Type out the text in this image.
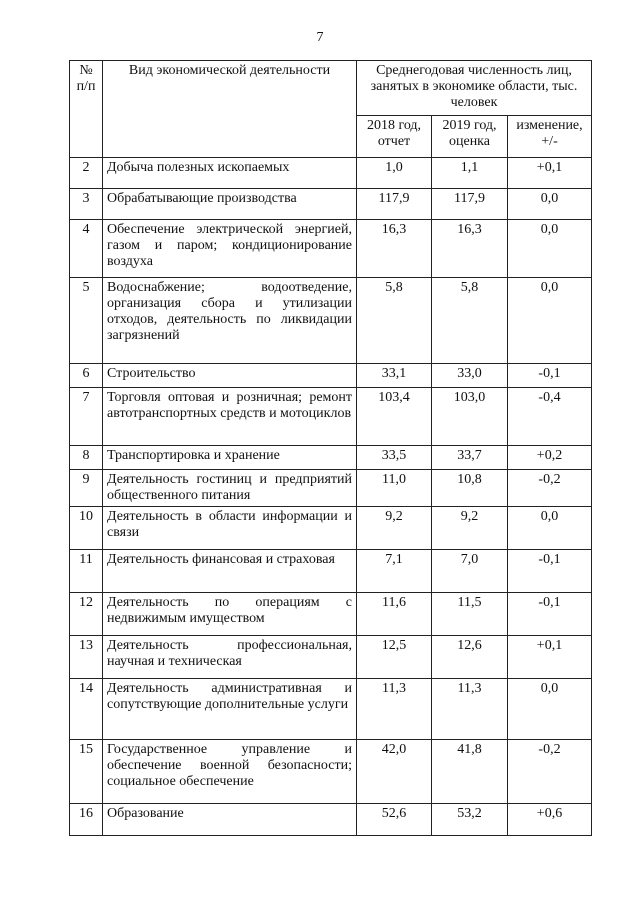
7
№ п/п	Вид экономической деятельности	Среднегодовая численность лиц, занятых в экономике области, тыс. человек		
		2018 год, отчет	2019 год, оценка	изменение, +/-
2	Добыча полезных ископаемых	1,0	1,1	+0,1
3	Обрабатывающие производства	117,9	117,9	0,0
4	Обеспечение электрической энергией, газом и паром; кондиционирование воздуха	16,3	16,3	0,0
5	Водоснабжение; водоотведение, организация сбора и утилизации отходов, деятельность по ликвидации загрязнений	5,8	5,8	0,0
6	Строительство	33,1	33,0	-0,1
7	Торговля оптовая и розничная; ремонт автотранспортных средств и мотоциклов	103,4	103,0	-0,4
8	Транспортировка и хранение	33,5	33,7	+0,2
9	Деятельность гостиниц и предприятий общественного питания	11,0	10,8	-0,2
10	Деятельность в области информации и связи	9,2	9,2	0,0
11	Деятельность финансовая и страховая	7,1	7,0	-0,1
12	Деятельность по операциям с недвижимым имуществом	11,6	11,5	-0,1
13	Деятельность профессиональная, научная и техническая	12,5	12,6	+0,1
14	Деятельность административная и сопутствующие дополнительные услуги	11,3	11,3	0,0
15	Государственное управление и обеспечение военной безопасности; социальное обеспечение	42,0	41,8	-0,2
16	Образование	52,6	53,2	+0,6
